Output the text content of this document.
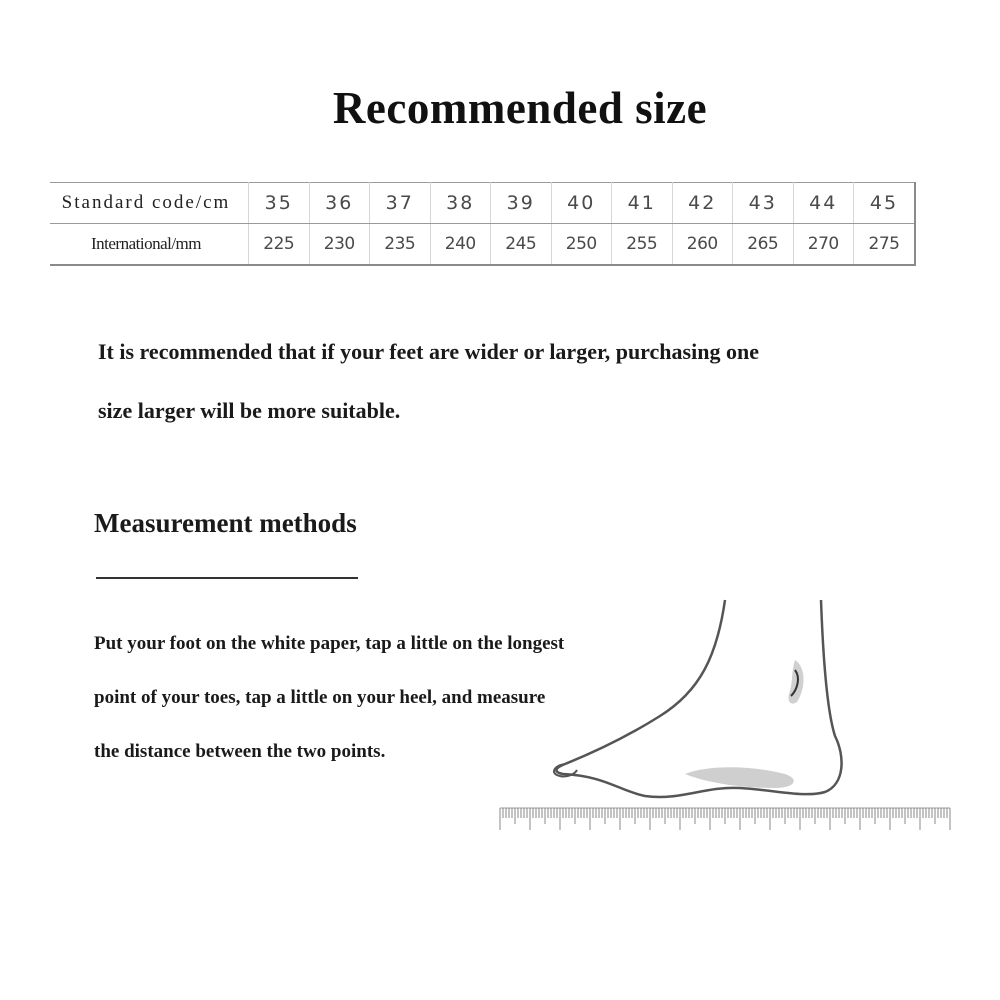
Recommended size
Standard code/cm	35	36	37	38	39	40	41	42	43	44	45
International/mm	225	230	235	240	245	250	255	260	265	270	275

It is recommended that if your feet are wider or larger, purchasing one
size larger will be more suitable.

Measurement methods

Put your foot on the white paper, tap a little on the longest
point of your toes, tap a little on your heel, and measure
the distance between the two points.
